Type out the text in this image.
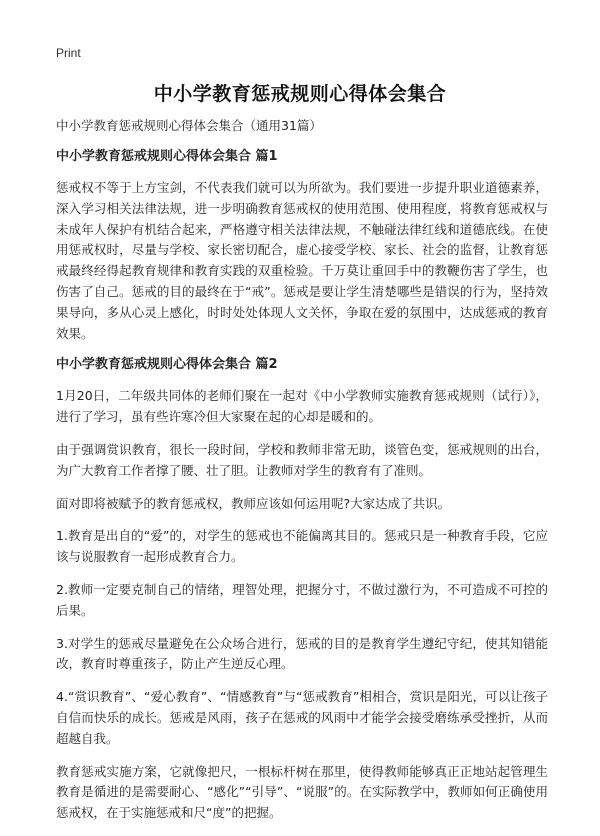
Print
中小学教育惩戒规则心得体会集合
中小学教育惩戒规则心得体会集合（通用31篇）
中小学教育惩戒规则心得体会集合 篇1

惩戒权不等于上方宝剑，不代表我们就可以为所欲为。我们要进一步提升职业道德素养，深入学习相关法律法规，进一步明确教育惩戒权的使用范围、使用程度，将教育惩戒权与未成年人保护有机结合起来，严格遵守相关法律法规，不触碰法律红线和道德底线。在使用惩戒权时，尽量与学校、家长密切配合，虚心接受学校、家长、社会的监督，让教育惩戒最终经得起教育规律和教育实践的双重检验。千万莫让重回手中的教鞭伤害了学生，也伤害了自己。惩戒的目的最终在于“戒”。惩戒是要让学生清楚哪些是错误的行为，坚持效果导向，多从心灵上感化，时时处处体现人文关怀，争取在爱的氛围中，达成惩戒的教育效果。

中小学教育惩戒规则心得体会集合 篇2

1月20日，二年级共同体的老师们聚在一起对《中小学教师实施教育惩戒规则（试行）》，进行了学习，虽有些许寒冷但大家聚在起的心却是暖和的。

由于强调赏识教育，很长一段时间，学校和教师非常无助，谈管色变，惩戒规则的出台，为广大教育工作者撑了腰、壮了胆。让教师对学生的教育有了准则。

面对即将被赋予的教育惩戒权，教师应该如何运用呢?大家达成了共识。

1.教育是出自的“爱”的，对学生的惩戒也不能偏离其目的。惩戒只是一种教育手段，它应该与说服教育一起形成教育合力。

2.教师一定要克制自己的情绪，理智处理，把握分寸，不做过激行为，不可造成不可控的后果。

3.对学生的惩戒尽量避免在公众场合进行，惩戒的目的是教育学生遵纪守纪，使其知错能改，教育时尊重孩子，防止产生逆反心理。

4.“赏识教育”、“爱心教育”、“情感教育”与“惩戒教育”相相合，赏识是阳光，可以让孩子自信而快乐的成长。惩戒是风雨，孩子在惩戒的风雨中才能学会接受磨练承受挫折，从而超越自我。

教育惩戒实施方案，它就像把尺，一根标杆树在那里，使得教师能够真正正地站起管理生教育是循进的是需要耐心、“感化”“引导”、“说服”的。在实际教学中，教师如何正确使用惩戒权，在于实施惩戒和尺“度”的把握。
